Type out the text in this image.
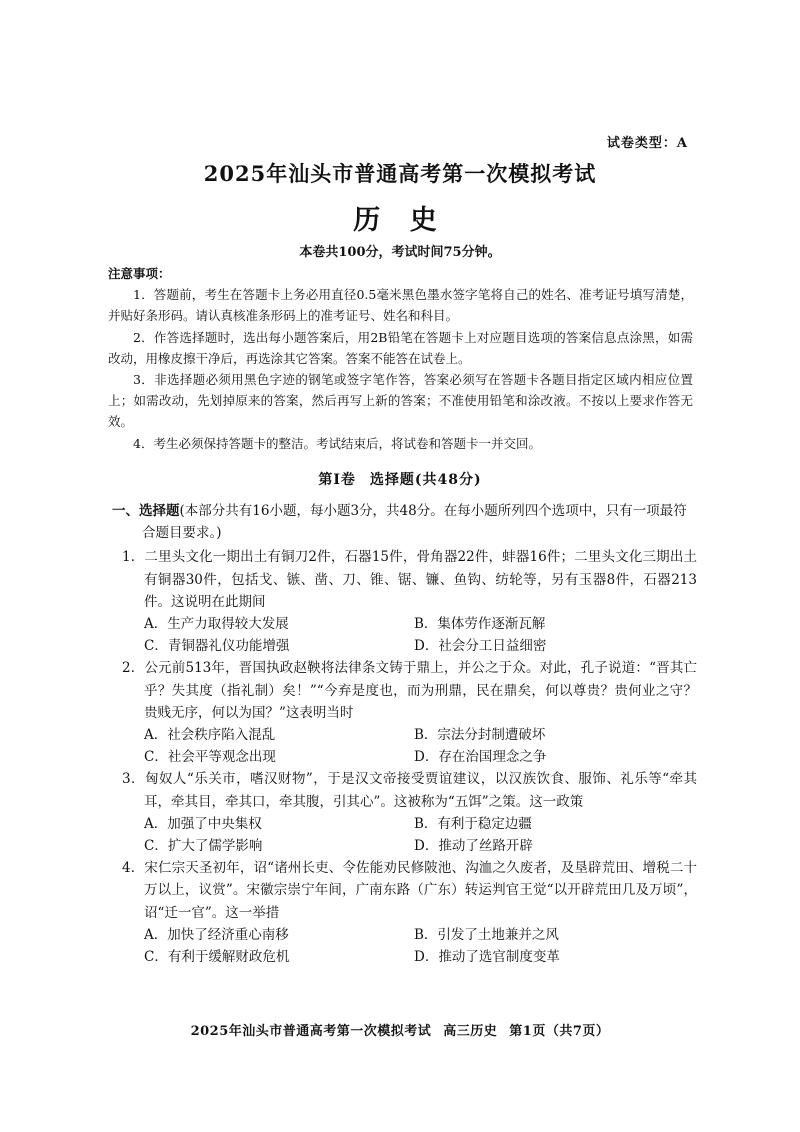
试卷类型：A
2025年汕头市普通高考第一次模拟考试
历 史
本卷共100分，考试时间75分钟。
注意事项：

1．答题前，考生在答题卡上务必用直径0.5毫米黑色墨水签字笔将自己的姓名、准考证号填写清楚，并贴好条形码。请认真核准条形码上的准考证号、姓名和科目。

2．作答选择题时，选出每小题答案后，用2B铅笔在答题卡上对应题目选项的答案信息点涂黑，如需改动，用橡皮擦干净后，再选涂其它答案。答案不能答在试卷上。

3．非选择题必须用黑色字迹的钢笔或签字笔作答，答案必须写在答题卡各题目指定区域内相应位置上；如需改动，先划掉原来的答案，然后再写上新的答案；不准使用铅笔和涂改液。不按以上要求作答无效。

4．考生必须保持答题卡的整洁。考试结束后，将试卷和答题卡一并交回。

第Ⅰ卷 选择题(共48分)

一、选择题(本部分共有16小题，每小题3分，共48分。在每小题所列四个选项中，只有一项最符合题目要求。)

1．二里头文化一期出土有铜刀2件，石器15件，骨角器22件，蚌器16件；二里头文化三期出土有铜器30件，包括戈、镞、凿、刀、锥、锯、镰、鱼钩、纺轮等，另有玉器8件，石器213件。这说明在此期间

A．生产力取得较大发展	B．集体劳作逐渐瓦解
C．青铜器礼仪功能增强	D．社会分工日益细密

2．公元前513年，晋国执政赵鞅将法律条文铸于鼎上，并公之于众。对此，孔子说道：“晋其亡乎？失其度（指礼制）矣！”“今弃是度也，而为刑鼎，民在鼎矣，何以尊贵？贵何业之守？贵贱无序，何以为国？”这表明当时

A．社会秩序陷入混乱	B．宗法分封制遭破坏
C．社会平等观念出现	D．存在治国理念之争

3．匈奴人“乐关市，嗜汉财物”，于是汉文帝接受贾谊建议，以汉族饮食、服饰、礼乐等“牵其耳，牵其目，牵其口，牵其腹，引其心”。这被称为“五饵”之策。这一政策

A．加强了中央集权	B．有利于稳定边疆
C．扩大了儒学影响	D．推动了丝路开辟

4．宋仁宗天圣初年，诏“诸州长吏、令佐能劝民修陂池、沟洫之久废者，及垦辟荒田、增税二十万以上，议赏”。宋徽宗崇宁年间，广南东路（广东）转运判官王觉“以开辟荒田几及万顷”，诏“迁一官”。这一举措

A．加快了经济重心南移	B．引发了土地兼并之风
C．有利于缓解财政危机	D．推动了选官制度变革
2025年汕头市普通高考第一次模拟考试 高三历史 第1页（共7页）
